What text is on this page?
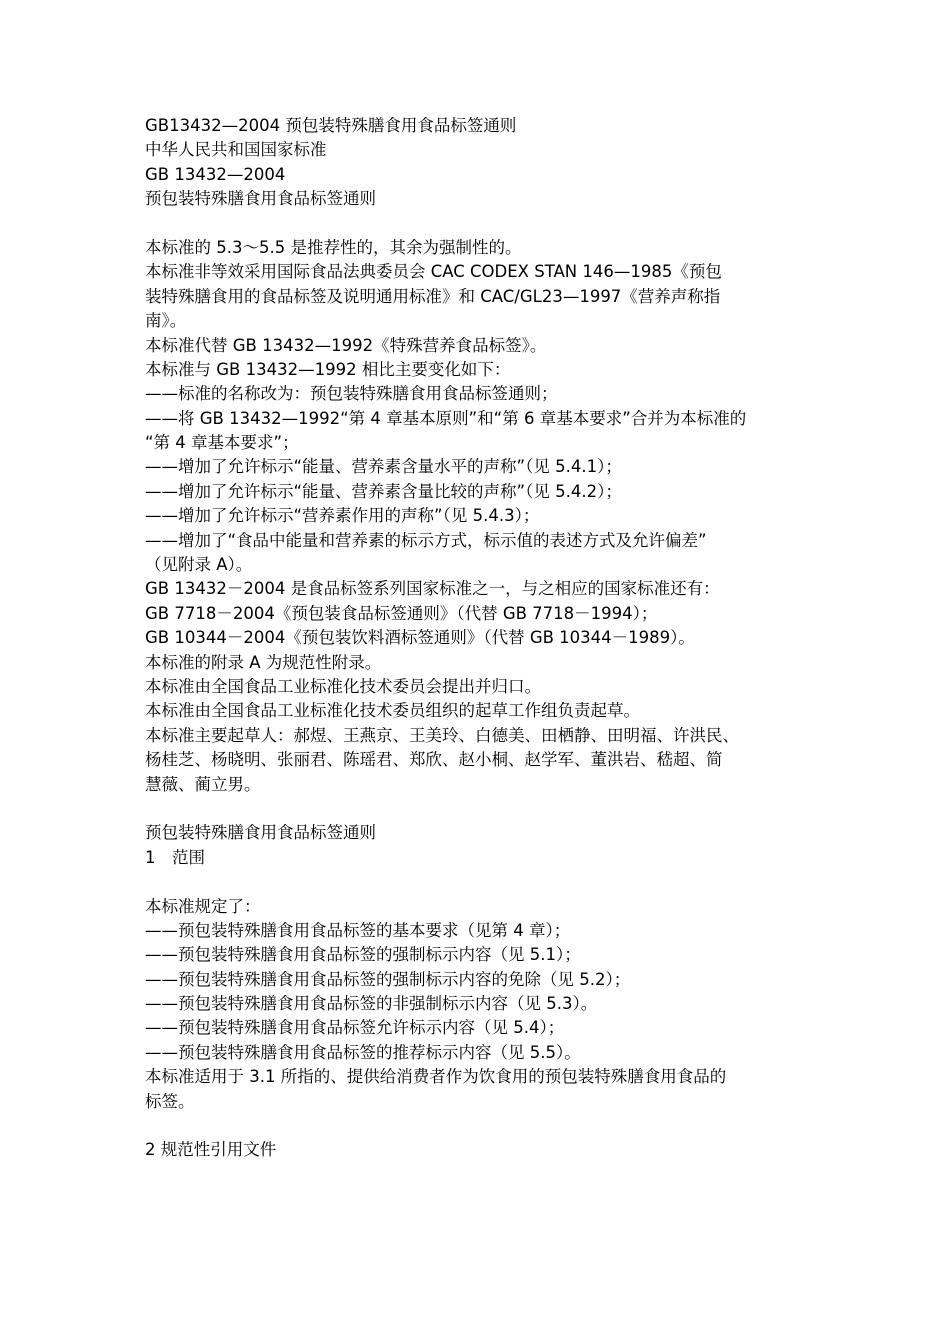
GB13432—2004 预包装特殊膳食用食品标签通则
中华人民共和国国家标准
GB 13432—2004
预包装特殊膳食用食品标签通则
本标准的 5.3～5.5 是推荐性的，其余为强制性的。
本标准非等效采用国际食品法典委员会 CAC CODEX STAN 146—1985《预包
装特殊膳食用的食品标签及说明通用标准》和 CAC/GL23—1997《营养声称指
南》。
本标准代替 GB 13432—1992《特殊营养食品标签》。
本标准与 GB 13432—1992 相比主要变化如下：
——标准的名称改为：预包装特殊膳食用食品标签通则；
——将 GB 13432—1992“第 4 章基本原则”和“第 6 章基本要求”合并为本标准的
“第 4 章基本要求”；
——增加了允许标示“能量、营养素含量水平的声称”（见 5.4.1）；
——增加了允许标示“能量、营养素含量比较的声称”（见 5.4.2）；
——增加了允许标示“营养素作用的声称”（见 5.4.3）；
——增加了“食品中能量和营养素的标示方式，标示值的表述方式及允许偏差”
（见附录 A）。
GB 13432－2004 是食品标签系列国家标准之一，与之相应的国家标准还有：
GB 7718－2004《预包装食品标签通则》（代替 GB 7718－1994）；
GB 10344－2004《预包装饮料酒标签通则》（代替 GB 10344－1989）。
本标准的附录 A 为规范性附录。
本标准由全国食品工业标准化技术委员会提出并归口。
本标准由全国食品工业标准化技术委员组织的起草工作组负责起草。
本标准主要起草人：郝煜、王燕京、王美玲、白德美、田栖静、田明福、许洪民、
杨桂芝、杨晓明、张丽君、陈瑶君、郑欣、赵小桐、赵学军、董洪岩、嵇超、简
慧薇、蔺立男。
预包装特殊膳食用食品标签通则
1　范围
本标准规定了：
——预包装特殊膳食用食品标签的基本要求（见第 4 章）；
——预包装特殊膳食用食品标签的强制标示内容（见 5.1）；
——预包装特殊膳食用食品标签的强制标示内容的免除（见 5.2）；
——预包装特殊膳食用食品标签的非强制标示内容（见 5.3）。
——预包装特殊膳食用食品标签允许标示内容（见 5.4）；
——预包装特殊膳食用食品标签的推荐标示内容（见 5.5）。
本标准适用于 3.1 所指的、提供给消费者作为饮食用的预包装特殊膳食用食品的
标签。
2 规范性引用文件
